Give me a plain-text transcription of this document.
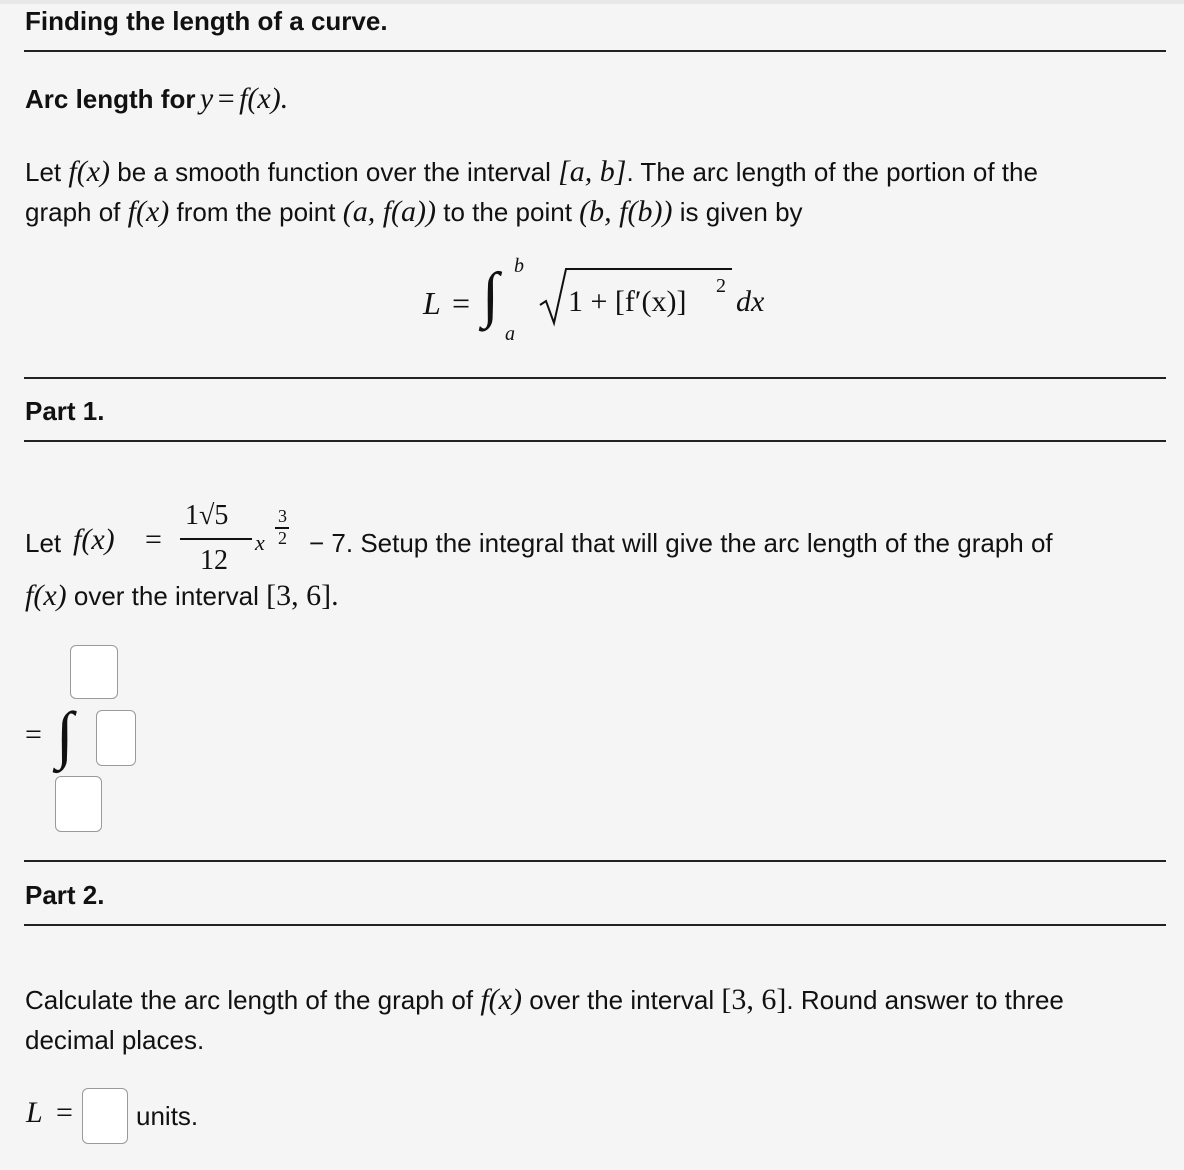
Finding the length of a curve.
Arc length for y = f(x).
Let f(x) be a smooth function over the interval [a, b]. The arc length of the portion of the
graph of f(x) from the point (a, f(a)) to the point (b, f(b)) is given by
L = ∫ b
a
1 + [f′(x)] 2 dx
Part 1.
Let f(x) =
1√5
12
x
3
2 − 7. Setup the integral that will give the arc length of the graph of
f(x) over the interval [3, 6].
= ∫
Part 2.
Calculate the arc length of the graph of f(x) over the interval [3, 6]. Round answer to three
decimal places.
L = units.
